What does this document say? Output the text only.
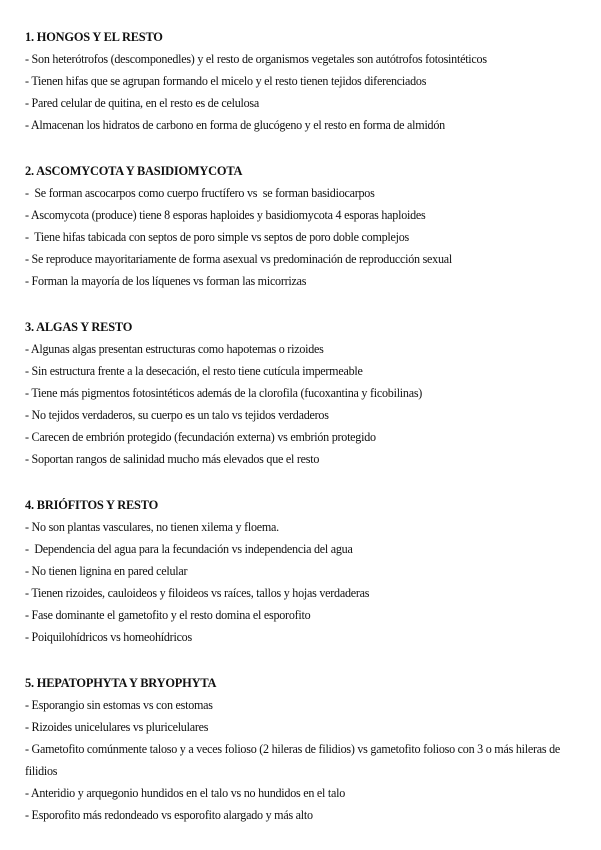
1. HONGOS Y EL RESTO

- Son heterótrofos (descomponedles) y el resto de organismos vegetales son autótrofos fotosintéticos

- Tienen hifas que se agrupan formando el micelo y el resto tienen tejidos diferenciados

- Pared celular de quitina, en el resto es de celulosa

- Almacenan los hidratos de carbono en forma de glucógeno y el resto en forma de almidón

2. ASCOMYCOTA Y BASIDIOMYCOTA

-  Se forman ascocarpos como cuerpo fructífero vs  se forman basidiocarpos

- Ascomycota (produce) tiene 8 esporas haploides y basidiomycota 4 esporas haploides

-  Tiene hifas tabicada con septos de poro simple vs septos de poro doble complejos

- Se reproduce mayoritariamente de forma asexual vs predominación de reproducción sexual

- Forman la mayoría de los líquenes vs forman las micorrizas

3. ALGAS Y RESTO

- Algunas algas presentan estructuras como hapotemas o rizoides

- Sin estructura frente a la desecación, el resto tiene cutícula impermeable

- Tiene más pigmentos fotosintéticos además de la clorofila (fucoxantina y ficobilinas)

- No tejidos verdaderos, su cuerpo es un talo vs tejidos verdaderos

- Carecen de embrión protegido (fecundación externa) vs embrión protegido

- Soportan rangos de salinidad mucho más elevados que el resto

4. BRIÓFITOS Y RESTO

- No son plantas vasculares, no tienen xilema y floema.

-  Dependencia del agua para la fecundación vs independencia del agua

- No tienen lignina en pared celular

- Tienen rizoides, cauloideos y filoideos vs raíces, tallos y hojas verdaderas

- Fase dominante el gametofito y el resto domina el esporofito

- Poiquilohídricos vs homeohídricos

5. HEPATOPHYTA Y BRYOPHYTA

- Esporangio sin estomas vs con estomas

- Rizoides unicelulares vs pluricelulares

- Gametofito comúnmente taloso y a veces folioso (2 hileras de filidios) vs gametofito folioso con 3 o más hileras de filidios

- Anteridio y arquegonio hundidos en el talo vs no hundidos en el talo

- Esporofito más redondeado vs esporofito alargado y más alto
